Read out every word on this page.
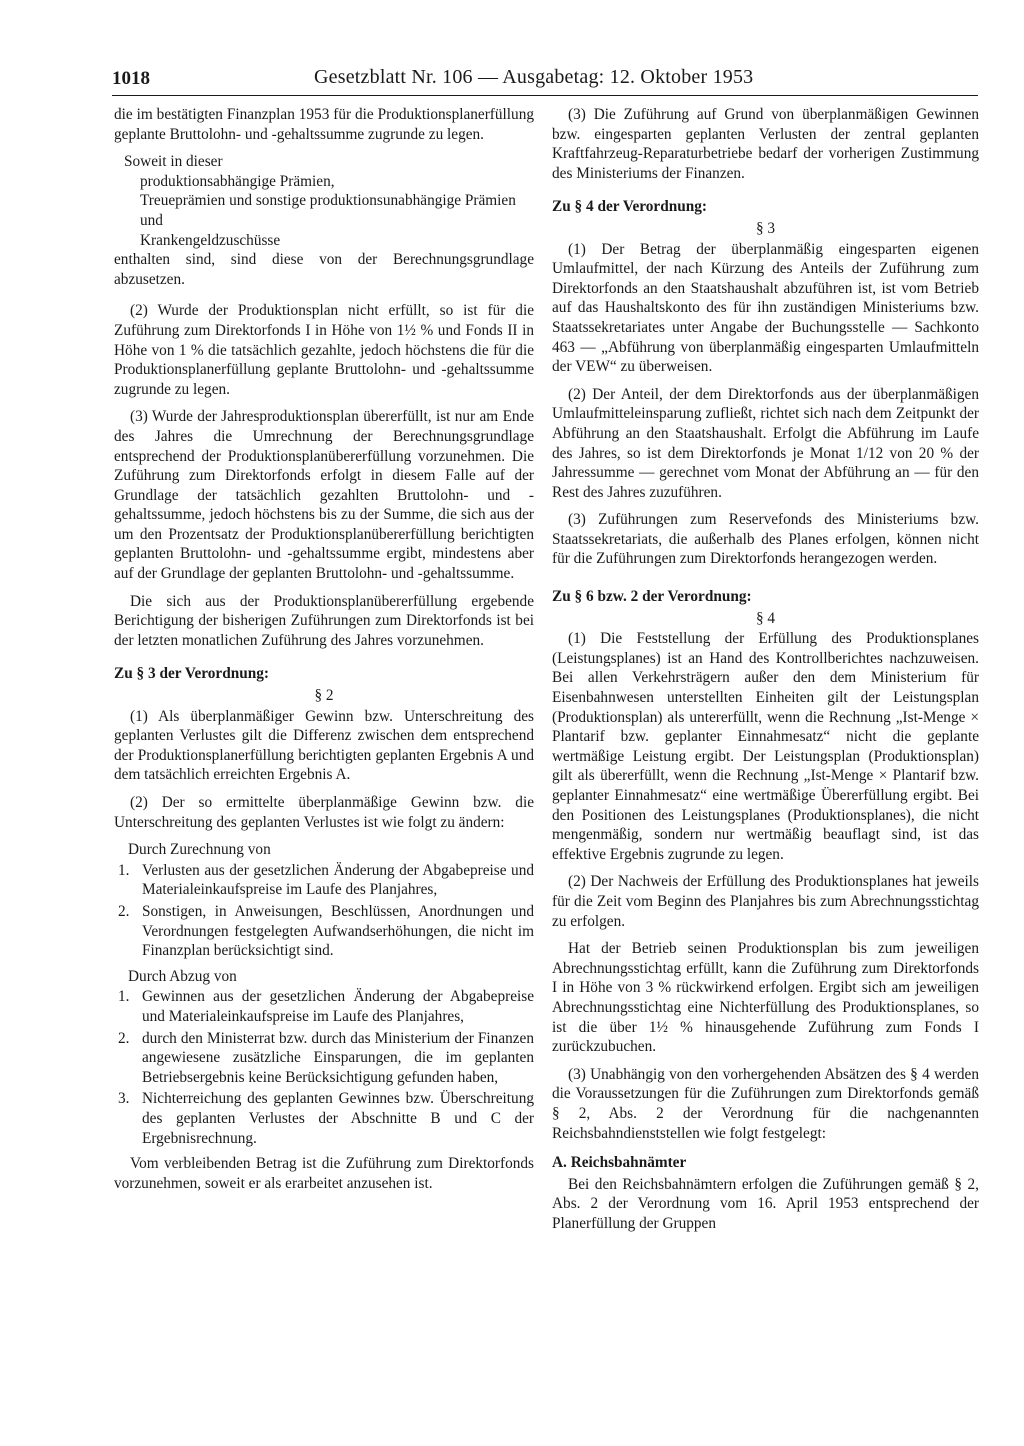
1018	Gesetzblatt Nr. 106 — Ausgabetag: 12. Oktober 1953

die im bestätigten Finanzplan 1953 für die Produktionsplanerfüllung geplante Bruttolohn- und -gehaltssumme zugrunde zu legen.

Soweit in dieser

produktionsabhängige Prämien,

Treueprämien und sonstige produktionsunabhängige Prämien und

Krankengeldzuschüsse

enthalten sind, sind diese von der Berechnungsgrundlage abzusetzen.

(2) Wurde der Produktionsplan nicht erfüllt, so ist für die Zuführung zum Direktorfonds I in Höhe von 1½ % und Fonds II in Höhe von 1 % die tatsächlich gezahlte, jedoch höchstens die für die Produktionsplanerfüllung geplante Bruttolohn- und -gehaltssumme zugrunde zu legen.

(3) Wurde der Jahresproduktionsplan übererfüllt, ist nur am Ende des Jahres die Umrechnung der Berechnungsgrundlage entsprechend der Produktionsplanübererfüllung vorzunehmen. Die Zuführung zum Direktorfonds erfolgt in diesem Falle auf der Grundlage der tatsächlich gezahlten Bruttolohn- und -gehaltssumme, jedoch höchstens bis zu der Summe, die sich aus der um den Prozentsatz der Produktionsplanübererfüllung berichtigten geplanten Bruttolohn- und -gehaltssumme ergibt, mindestens aber auf der Grundlage der geplanten Bruttolohn- und -gehaltssumme.

Die sich aus der Produktionsplanübererfüllung ergebende Berichtigung der bisherigen Zuführungen zum Direktorfonds ist bei der letzten monatlichen Zuführung des Jahres vorzunehmen.

Zu § 3 der Verordnung:

§ 2

(1) Als überplanmäßiger Gewinn bzw. Unterschreitung des geplanten Verlustes gilt die Differenz zwischen dem entsprechend der Produktionsplanerfüllung berichtigten geplanten Ergebnis A und dem tatsächlich erreichten Ergebnis A.

(2) Der so ermittelte überplanmäßige Gewinn bzw. die Unterschreitung des geplanten Verlustes ist wie folgt zu ändern:

Durch Zurechnung von

1. Verlusten aus der gesetzlichen Änderung der Abgabepreise und Materialeinkaufspreise im Laufe des Planjahres,
2. Sonstigen, in Anweisungen, Beschlüssen, Anordnungen und Verordnungen festgelegten Aufwandserhöhungen, die nicht im Finanzplan berücksichtigt sind.

Durch Abzug von

1. Gewinnen aus der gesetzlichen Änderung der Abgabepreise und Materialeinkaufspreise im Laufe des Planjahres,
2. durch den Ministerrat bzw. durch das Ministerium der Finanzen angewiesene zusätzliche Einsparungen, die im geplanten Betriebsergebnis keine Berücksichtigung gefunden haben,
3. Nichterreichung des geplanten Gewinnes bzw. Überschreitung des geplanten Verlustes der Abschnitte B und C der Ergebnisrechnung.

Vom verbleibenden Betrag ist die Zuführung zum Direktorfonds vorzunehmen, soweit er als erarbeitet anzusehen ist.

(3) Die Zuführung auf Grund von überplanmäßigen Gewinnen bzw. eingesparten geplanten Verlusten der zentral geplanten Kraftfahrzeug-Reparaturbetriebe bedarf der vorherigen Zustimmung des Ministeriums der Finanzen.

Zu § 4 der Verordnung:

§ 3

(1) Der Betrag der überplanmäßig eingesparten eigenen Umlaufmittel, der nach Kürzung des Anteils der Zuführung zum Direktorfonds an den Staatshaushalt abzuführen ist, ist vom Betrieb auf das Haushaltskonto des für ihn zuständigen Ministeriums bzw. Staatssekretariates unter Angabe der Buchungsstelle — Sachkonto 463 — „Abführung von überplanmäßig eingesparten Umlaufmitteln der VEW“ zu überweisen.

(2) Der Anteil, der dem Direktorfonds aus der überplanmäßigen Umlaufmitteleinsparung zufließt, richtet sich nach dem Zeitpunkt der Abführung an den Staatshaushalt. Erfolgt die Abführung im Laufe des Jahres, so ist dem Direktorfonds je Monat 1/12 von 20 % der Jahressumme — gerechnet vom Monat der Abführung an — für den Rest des Jahres zuzuführen.

(3) Zuführungen zum Reservefonds des Ministeriums bzw. Staatssekretariats, die außerhalb des Planes erfolgen, können nicht für die Zuführungen zum Direktorfonds herangezogen werden.

Zu § 6 bzw. 2 der Verordnung:

§ 4

(1) Die Feststellung der Erfüllung des Produktionsplanes (Leistungsplanes) ist an Hand des Kontrollberichtes nachzuweisen. Bei allen Verkehrsträgern außer den dem Ministerium für Eisenbahnwesen unterstellten Einheiten gilt der Leistungsplan (Produktionsplan) als untererfüllt, wenn die Rechnung „Ist-Menge × Plantarif bzw. geplanter Einnahmesatz“ nicht die geplante wertmäßige Leistung ergibt. Der Leistungsplan (Produktionsplan) gilt als übererfüllt, wenn die Rechnung „Ist-Menge × Plantarif bzw. geplanter Einnahmesatz“ eine wertmäßige Übererfüllung ergibt. Bei den Positionen des Leistungsplanes (Produktionsplanes), die nicht mengenmäßig, sondern nur wertmäßig beauflagt sind, ist das effektive Ergebnis zugrunde zu legen.

(2) Der Nachweis der Erfüllung des Produktionsplanes hat jeweils für die Zeit vom Beginn des Planjahres bis zum Abrechnungsstichtag zu erfolgen.

Hat der Betrieb seinen Produktionsplan bis zum jeweiligen Abrechnungsstichtag erfüllt, kann die Zuführung zum Direktorfonds I in Höhe von 3 % rückwirkend erfolgen. Ergibt sich am jeweiligen Abrechnungsstichtag eine Nichterfüllung des Produktionsplanes, so ist die über 1½ % hinausgehende Zuführung zum Fonds I zurückzubuchen.

(3) Unabhängig von den vorhergehenden Absätzen des § 4 werden die Voraussetzungen für die Zuführungen zum Direktorfonds gemäß § 2, Abs. 2 der Verordnung für die nachgenannten Reichsbahndienststellen wie folgt festgelegt:

A. Reichsbahnämter

Bei den Reichsbahnämtern erfolgen die Zuführungen gemäß § 2, Abs. 2 der Verordnung vom 16. April 1953 entsprechend der Planerfüllung der Gruppen
